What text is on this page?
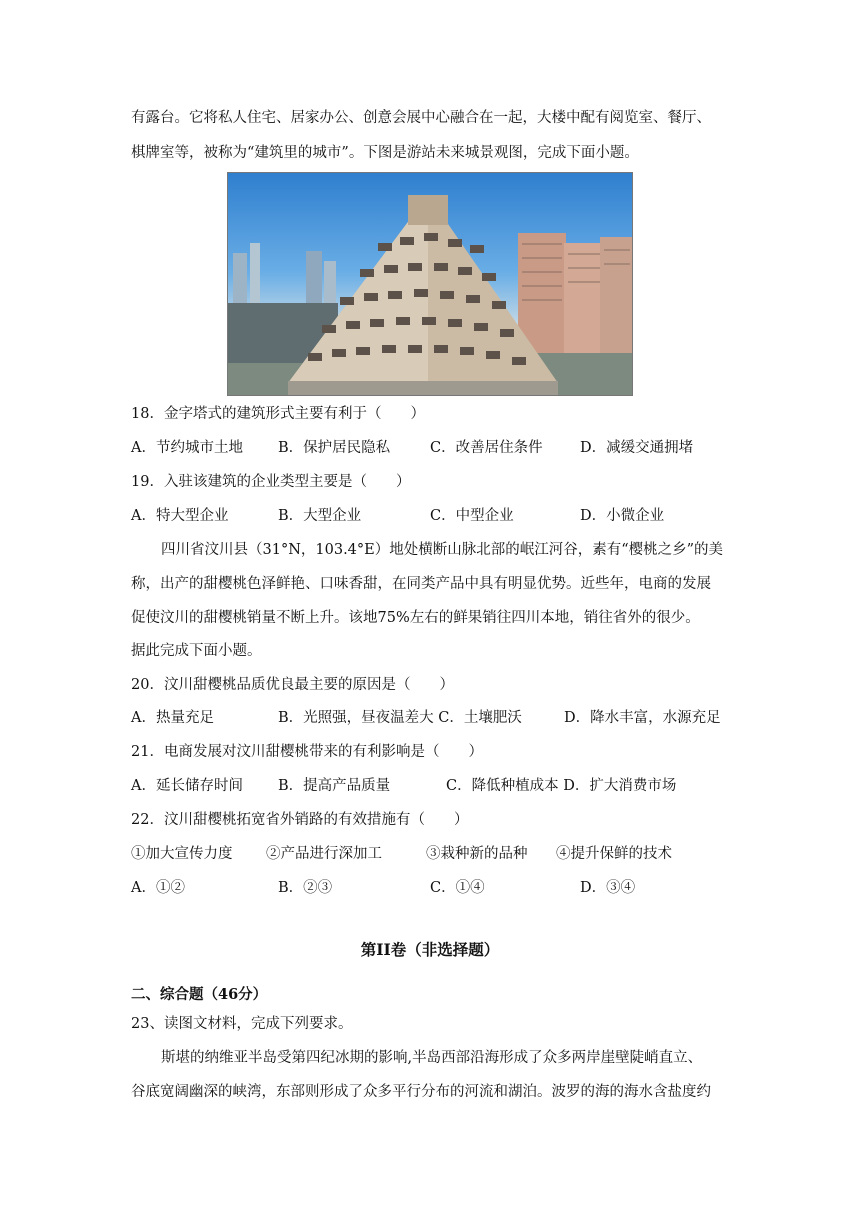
有露台。它将私人住宅、居家办公、创意会展中心融合在一起，大楼中配有阅览室、餐厅、
棋牌室等，被称为“建筑里的城市”。下图是游站未来城景观图，完成下面小题。
18．金字塔式的建筑形式主要有利于（　　）
A．节约城市土地 B．保护居民隐私	C．改善居住条件	D．减缓交通拥堵
19．入驻该建筑的企业类型主要是（　　）
A．特大型企业	B．大型企业	C．中型企业	D．小微企业
四川省汶川县（31°N，103.4°E）地处横断山脉北部的岷江河谷，素有“樱桃之乡”的美
称，出产的甜樱桃色泽鲜艳、口味香甜，在同类产品中具有明显优势。近些年，电商的发展
促使汶川的甜樱桃销量不断上升。该地75%左右的鲜果销往四川本地，销往省外的很少。
据此完成下面小题。
20．汶川甜樱桃品质优良最主要的原因是（　　）
A．热量充足	B．光照强，昼夜温差大 C．土壤肥沃	D．降水丰富，水源充足
21．电商发展对汶川甜樱桃带来的有利影响是（　　）
A．延长储存时间 B．提高产品质量	C．降低种植成本 D．扩大消费市场
22．汶川甜樱桃拓宽省外销路的有效措施有（　　）
①加大宣传力度 ②产品进行深加工	③栽种新的品种 ④提升保鲜的技术
A．①②	B．②③	C．①④	D．③④
第II卷（非选择题）
二、综合题（46分）
23、读图文材料，完成下列要求。
斯堪的纳维亚半岛受第四纪冰期的影响,半岛西部沿海形成了众多两岸崖壁陡峭直立、
谷底宽阔幽深的峡湾，东部则形成了众多平行分布的河流和湖泊。波罗的海的海水含盐度约
